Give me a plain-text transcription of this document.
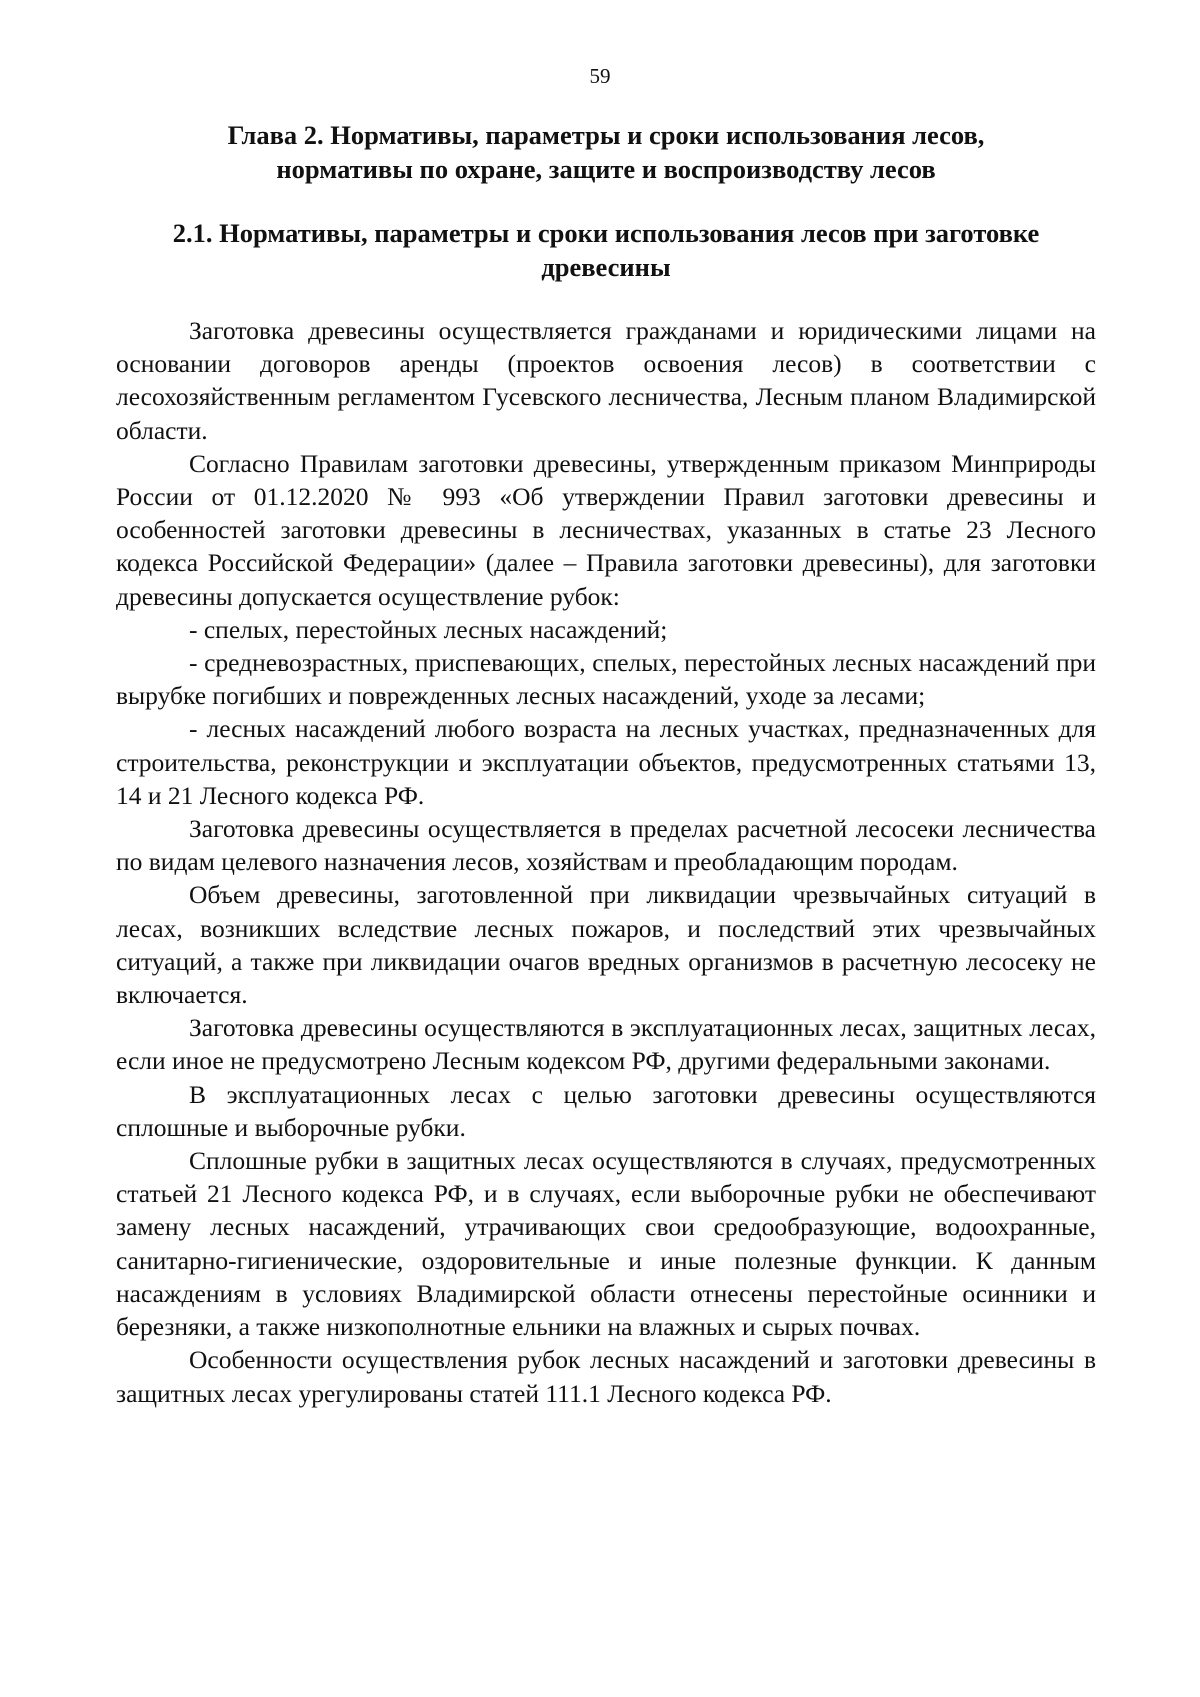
59
Глава 2. Нормативы, параметры и сроки использования лесов,
нормативы по охране, защите и воспроизводству лесов
2.1. Нормативы, параметры и сроки использования лесов при заготовке
древесины

Заготовка древесины осуществляется гражданами и юридическими лицами на основании договоров аренды (проектов освоения лесов) в соответствии с лесохозяйственным регламентом Гусевского лесничества, Лесным планом Владимирской области.

Согласно Правилам заготовки древесины, утвержденным приказом Минприроды России от 01.12.2020 № 993 «Об утверждении Правил заготовки древесины и особенностей заготовки древесины в лесничествах, указанных в статье 23 Лесного кодекса Российской Федерации» (далее – Правила заготовки древесины), для заготовки древесины допускается осуществление рубок:

- спелых, перестойных лесных насаждений;

- средневозрастных, приспевающих, спелых, перестойных лесных насаждений при вырубке погибших и поврежденных лесных насаждений, уходе за лесами;

- лесных насаждений любого возраста на лесных участках, предназначенных для строительства, реконструкции и эксплуатации объектов, предусмотренных статьями 13, 14 и 21 Лесного кодекса РФ.

Заготовка древесины осуществляется в пределах расчетной лесосеки лесничества по видам целевого назначения лесов, хозяйствам и преобладающим породам.

Объем древесины, заготовленной при ликвидации чрезвычайных ситуаций в лесах, возникших вследствие лесных пожаров, и последствий этих чрезвычайных ситуаций, а также при ликвидации очагов вредных организмов в расчетную лесосеку не включается.

Заготовка древесины осуществляются в эксплуатационных лесах, защитных лесах, если иное не предусмотрено Лесным кодексом РФ, другими федеральными законами.

В эксплуатационных лесах с целью заготовки древесины осуществляются сплошные и выборочные рубки.

Сплошные рубки в защитных лесах осуществляются в случаях, предусмотренных статьей 21 Лесного кодекса РФ, и в случаях, если выборочные рубки не обеспечивают замену лесных насаждений, утрачивающих свои средообразующие, водоохранные, санитарно-гигиенические, оздоровительные и иные полезные функции. К данным насаждениям в условиях Владимирской области отнесены перестойные осинники и березняки, а также низкополнотные ельники на влажных и сырых почвах.

Особенности осуществления рубок лесных насаждений и заготовки древесины в защитных лесах урегулированы статей 111.1 Лесного кодекса РФ.
